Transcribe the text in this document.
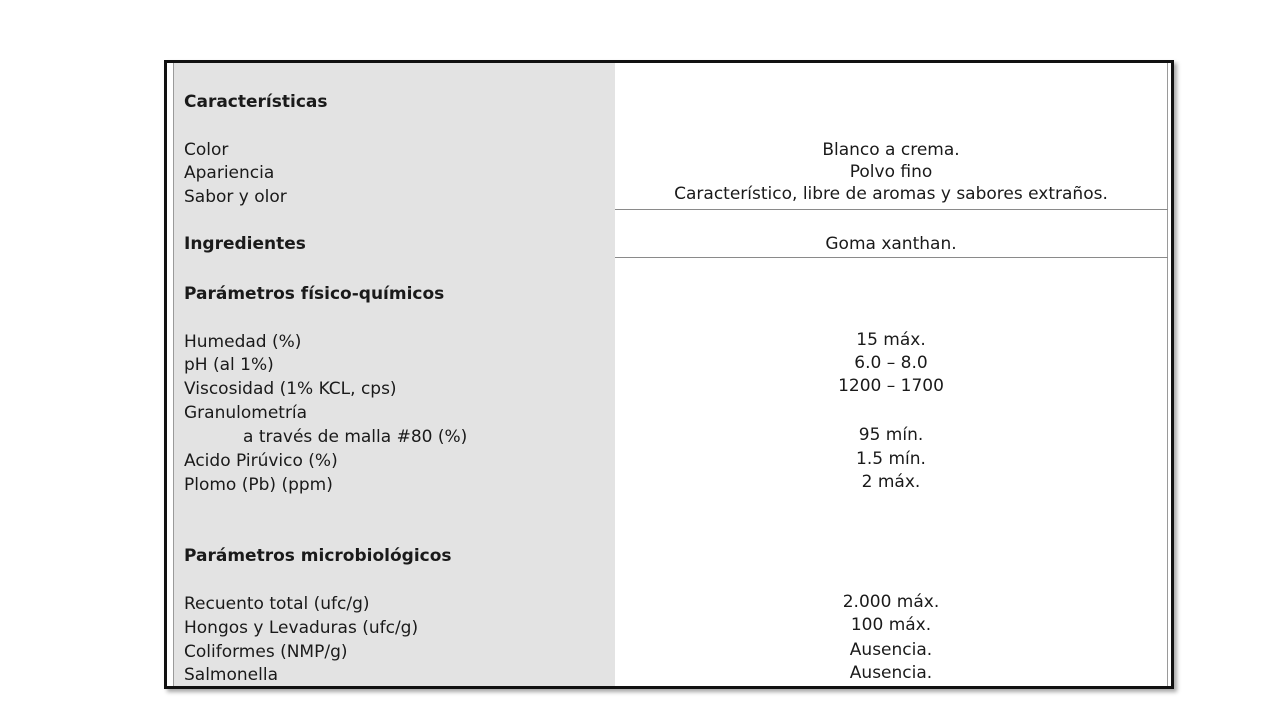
Características
Color	Blanco a crema.
Apariencia	Polvo fino
Sabor y olor	Característico, libre de aromas y sabores extraños.
Ingredientes	Goma xanthan.
Parámetros físico-químicos
Humedad (%)	15 máx.
pH (al 1%)	6.0 – 8.0
Viscosidad (1% KCL, cps)	1200 – 1700
Granulometría
a través de malla #80 (%)	95 mín.
Acido Pirúvico (%)	1.5 mín.
Plomo (Pb) (ppm)	2 máx.
Parámetros microbiológicos
Recuento total (ufc/g)	2.000 máx.
Hongos y Levaduras (ufc/g)	100 máx.
Coliformes (NMP/g)	Ausencia.
Salmonella	Ausencia.
